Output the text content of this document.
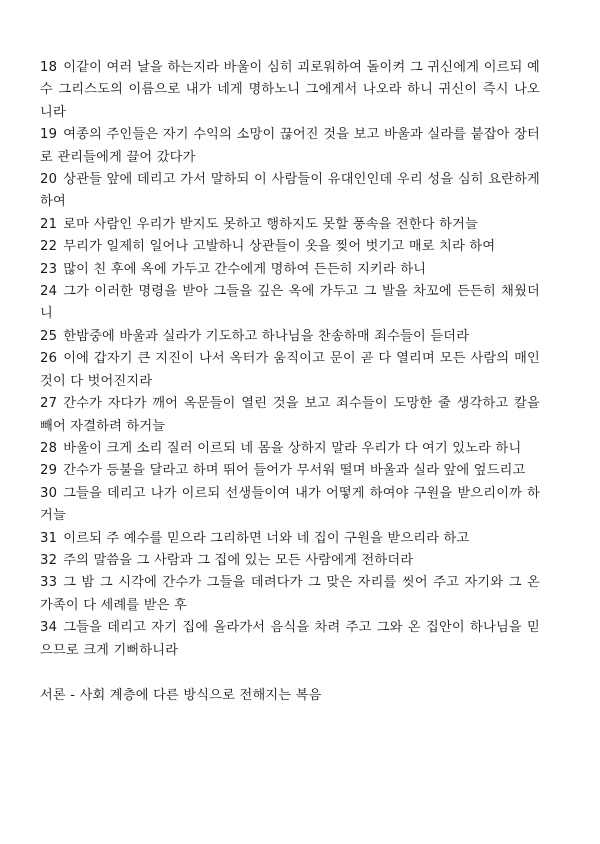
18 이같이 여러 날을 하는지라 바울이 심히 괴로워하여 돌이켜 그 귀신에게 이르되 예수 그리스도의 이름으로 내가 네게 명하노니 그에게서 나오라 하니 귀신이 즉시 나오니라

19 여종의 주인들은 자기 수익의 소망이 끊어진 것을 보고 바울과 실라를 붙잡아 장터로 관리들에게 끌어 갔다가

20 상관들 앞에 데리고 가서 말하되 이 사람들이 유대인인데 우리 성을 심히 요란하게 하여

21 로마 사람인 우리가 받지도 못하고 행하지도 못할 풍속을 전한다 하거늘

22 무리가 일제히 일어나 고발하니 상관들이 옷을 찢어 벗기고 매로 치라 하여

23 많이 친 후에 옥에 가두고 간수에게 명하여 든든히 지키라 하니

24 그가 이러한 명령을 받아 그들을 깊은 옥에 가두고 그 발을 차꼬에 든든히 채웠더니

25 한밤중에 바울과 실라가 기도하고 하나님을 찬송하매 죄수들이 듣더라

26 이에 갑자기 큰 지진이 나서 옥터가 움직이고 문이 곧 다 열리며 모든 사람의 매인 것이 다 벗어진지라

27 간수가 자다가 깨어 옥문들이 열린 것을 보고 죄수들이 도망한 줄 생각하고 칼을 빼어 자결하려 하거늘

28 바울이 크게 소리 질러 이르되 네 몸을 상하지 말라 우리가 다 여기 있노라 하니

29 간수가 등불을 달라고 하며 뛰어 들어가 무서워 떨며 바울과 실라 앞에 엎드리고

30 그들을 데리고 나가 이르되 선생들이여 내가 어떻게 하여야 구원을 받으리이까 하거늘

31 이르되 주 예수를 믿으라 그리하면 너와 네 집이 구원을 받으리라 하고

32 주의 말씀을 그 사람과 그 집에 있는 모든 사람에게 전하더라

33 그 밤 그 시각에 간수가 그들을 데려다가 그 맞은 자리를 씻어 주고 자기와 그 온 가족이 다 세례를 받은 후

34 그들을 데리고 자기 집에 올라가서 음식을 차려 주고 그와 온 집안이 하나님을 믿으므로 크게 기뻐하니라

서론 - 사회 계층에 다른 방식으로 전해지는 복음
